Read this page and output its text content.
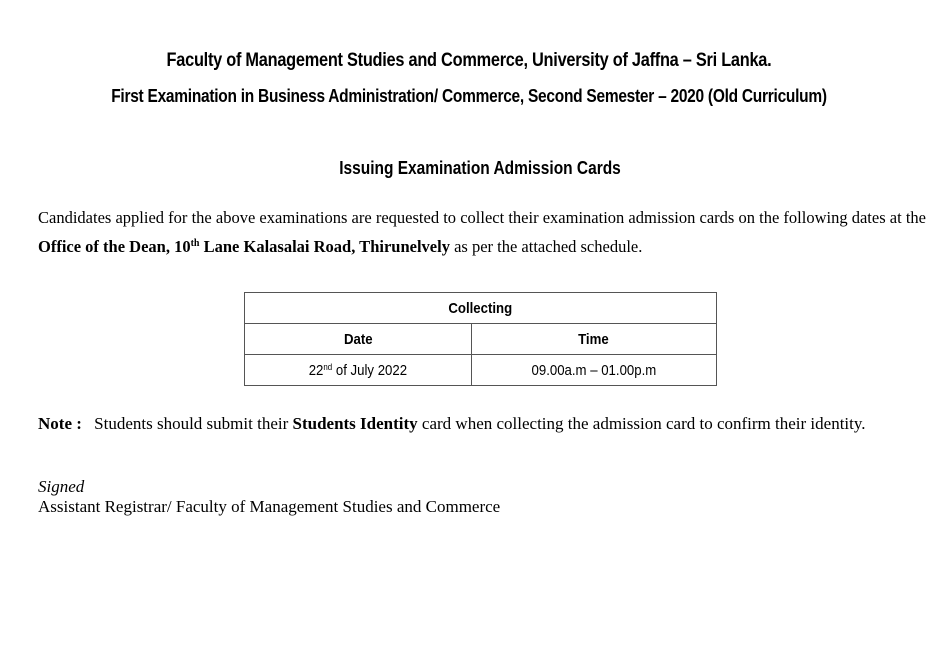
Faculty of Management Studies and Commerce, University of Jaffna – Sri Lanka.
First Examination in Business Administration/ Commerce, Second Semester – 2020 (Old Curriculum)
Issuing Examination Admission Cards
Candidates applied for the above examinations are requested to collect their examination admission cards on the following dates at the Office of the Dean, 10th Lane Kalasalai Road, Thirunelvely as per the attached schedule.
Collecting	
Date	Time
22nd of July 2022	09.00a.m – 01.00p.m
Note : Students should submit their Students Identity card when collecting the admission card to confirm their identity.
Signed
Assistant Registrar/ Faculty of Management Studies and Commerce
